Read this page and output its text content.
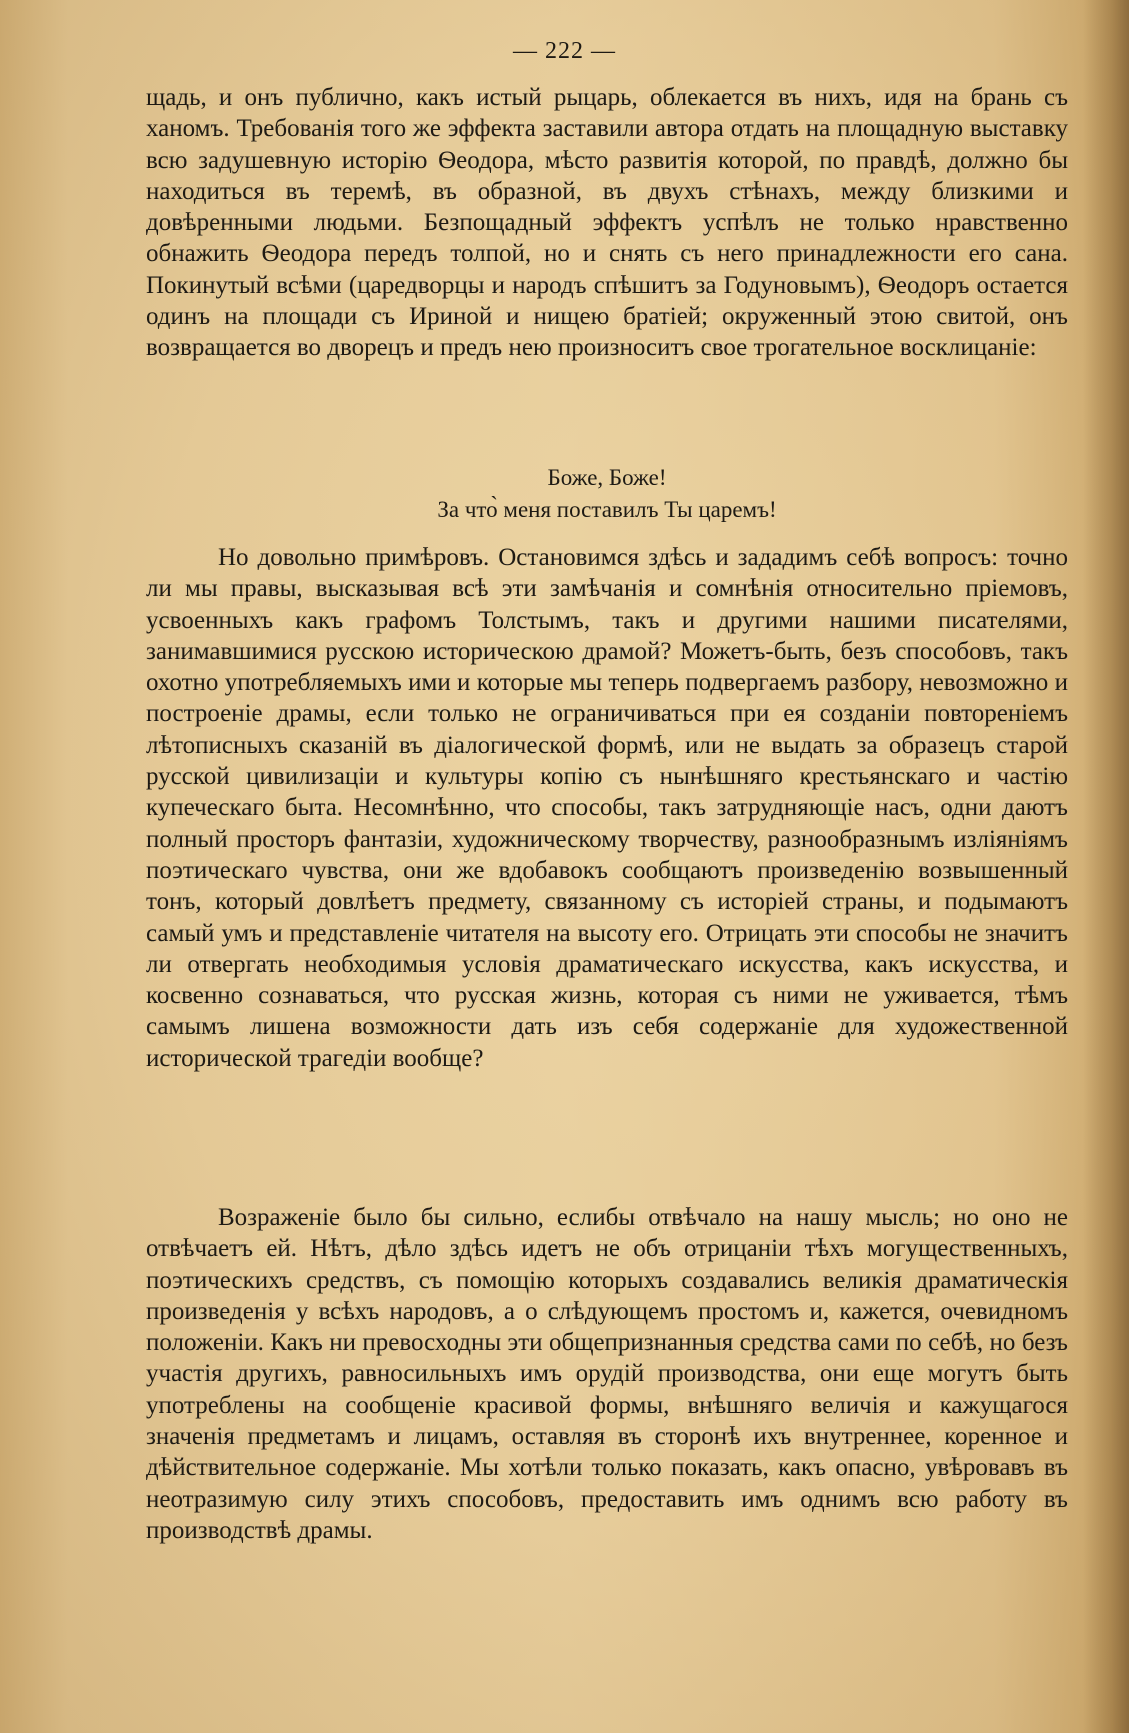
— 222 —

щадь, и онъ публично, какъ истый рыцарь, облекается въ нихъ, идя на брань съ ханомъ. Требованія того же эффекта заставили автора отдать на площадную выставку всю задушевную исторію Ѳеодора, мѣсто развитія которой, по правдѣ, должно бы находиться въ теремѣ, въ образной, въ двухъ стѣнахъ, между близкими и довѣренными людьми. Безпощадный эффектъ успѣлъ не только нравственно обнажить Ѳеодора передъ толпой, но и снять съ него принадлежности его сана. Покинутый всѣми (царедворцы и народъ спѣшитъ за Годуновымъ), Ѳеодоръ остается одинъ на площади съ Ириной и нищею братіей; окруженный этою свитой, онъ возвращается во дворецъ и предъ нею произноситъ свое трогательное восклицаніе:

Боже, Боже!
За что̀ меня поставилъ Ты царемъ!

Но довольно примѣровъ. Остановимся здѣсь и зададимъ себѣ вопросъ: точно ли мы правы, высказывая всѣ эти замѣчанія и сомнѣнія относительно пріемовъ, усвоенныхъ какъ графомъ Толстымъ, такъ и другими нашими писателями, занимавшимися русскою историческою драмой? Можетъ-быть, безъ способовъ, такъ охотно употребляемыхъ ими и которые мы теперь подвергаемъ разбору, невозможно и построеніе драмы, если только не ограничиваться при ея созданіи повтореніемъ лѣтописныхъ сказаній въ діалогической формѣ, или не выдать за образецъ старой русской цивилизаціи и культуры копію съ нынѣшняго крестьянскаго и частію купеческаго быта. Несомнѣнно, что способы, такъ затрудняющіе насъ, одни даютъ полный просторъ фантазіи, художническому творчеству, разнообразнымъ изліяніямъ поэтическаго чувства, они же вдобавокъ сообщаютъ произведенію возвышенный тонъ, который довлѣетъ предмету, связанному съ исторіей страны, и подымаютъ самый умъ и представленіе читателя на высоту его. Отрицать эти способы не значитъ ли отвергать необходимыя условія драматическаго искусства, какъ искусства, и косвенно сознаваться, что русская жизнь, которая съ ними не уживается, тѣмъ самымъ лишена возможности дать изъ себя содержаніе для художественной исторической трагедіи вообще?

Возраженіе было бы сильно, еслибы отвѣчало на нашу мысль; но оно не отвѣчаетъ ей. Нѣтъ, дѣло здѣсь идетъ не объ отрицаніи тѣхъ могущественныхъ, поэтическихъ средствъ, съ помощію которыхъ создавались великія драматическія произведенія у всѣхъ народовъ, а о слѣдующемъ простомъ и, кажется, очевидномъ положеніи. Какъ ни превосходны эти общепризнанныя средства сами по себѣ, но безъ участія другихъ, равносильныхъ имъ орудій производства, они еще могутъ быть употреблены на сообщеніе красивой формы, внѣшняго величія и кажущагося значенія предметамъ и лицамъ, оставляя въ сторонѣ ихъ внутреннее, коренное и дѣйствительное содержаніе. Мы хотѣли только показать, какъ опасно, увѣровавъ въ неотразимую силу этихъ способовъ, предоставить имъ однимъ всю работу въ производствѣ драмы.
